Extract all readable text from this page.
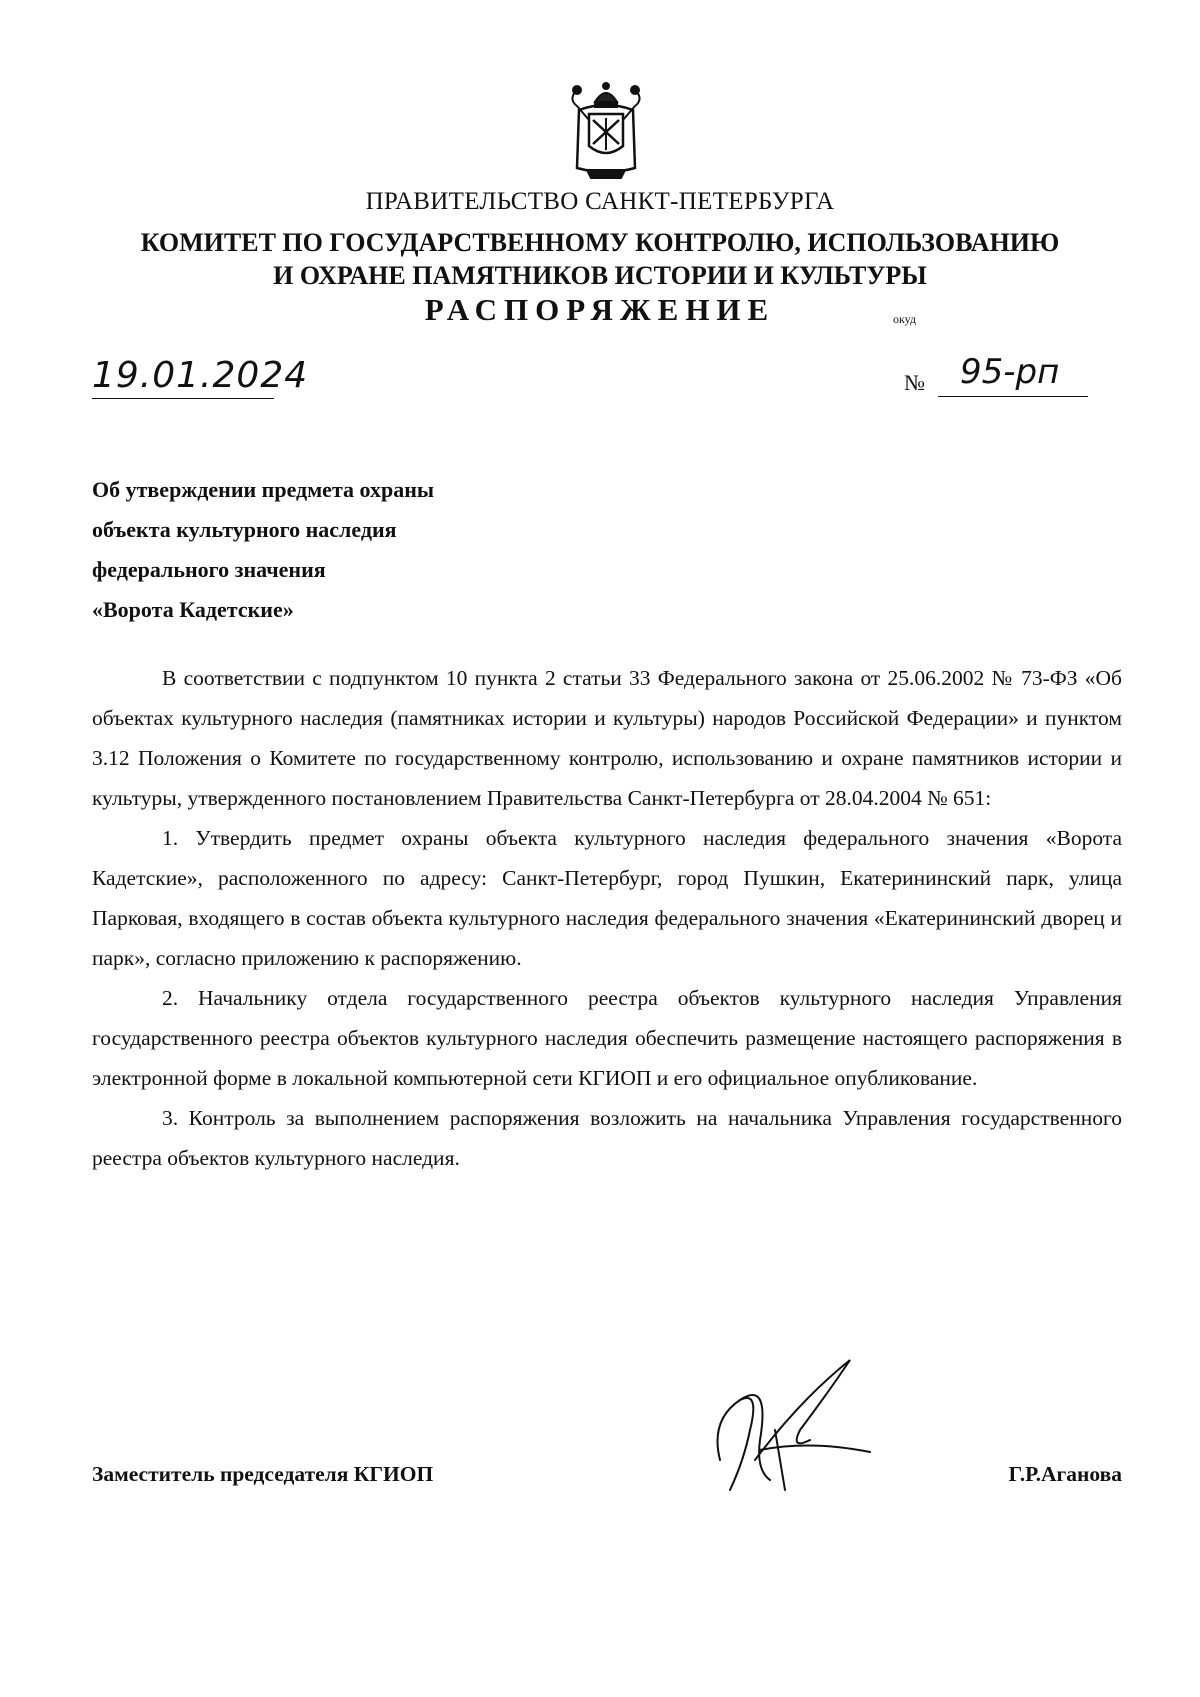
ПРАВИТЕЛЬСТВО САНКТ-ПЕТЕРБУРГА
КОМИТЕТ ПО ГОСУДАРСТВЕННОМУ КОНТРОЛЮ, ИСПОЛЬЗОВАНИЮ
И ОХРАНЕ ПАМЯТНИКОВ ИСТОРИИ И КУЛЬТУРЫ
РАСПОРЯЖЕНИЕ	окуд
19.01.2024	№	95-рп
Об утверждении предмета охраны
объекта культурного наследия
федерального значения
«Ворота Кадетские»

В соответствии с подпунктом 10 пункта 2 статьи 33 Федерального закона от 25.06.2002 № 73-ФЗ «Об объектах культурного наследия (памятниках истории и культуры) народов Российской Федерации» и пунктом 3.12 Положения о Комитете по государственному контролю, использованию и охране памятников истории и культуры, утвержденного постановлением Правительства Санкт-Петербурга от 28.04.2004 № 651:

1. Утвердить предмет охраны объекта культурного наследия федерального значения «Ворота Кадетские», расположенного по адресу: Санкт-Петербург, город Пушкин, Екатерининский парк, улица Парковая, входящего в состав объекта культурного наследия федерального значения «Екатерининский дворец и парк», согласно приложению к распоряжению.

2. Начальнику отдела государственного реестра объектов культурного наследия Управления государственного реестра объектов культурного наследия обеспечить размещение настоящего распоряжения в электронной форме в локальной компьютерной сети КГИОП и его официальное опубликование.

3. Контроль за выполнением распоряжения возложить на начальника Управления государственного реестра объектов культурного наследия.

Заместитель председателя КГИОП	Г.Р.Аганова
